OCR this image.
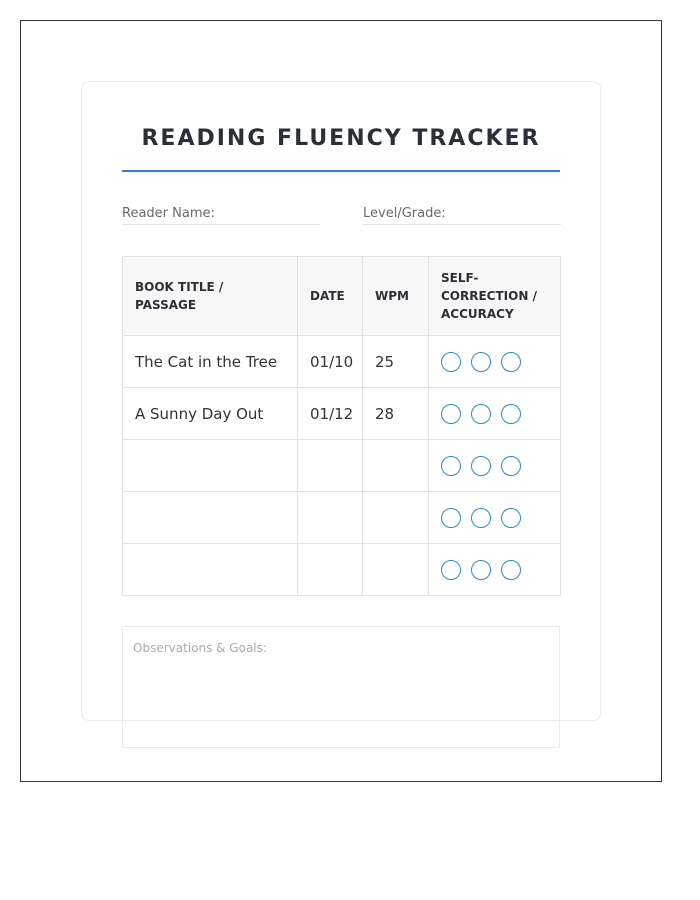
READING FLUENCY TRACKER
Reader Name:	Level/Grade:
BOOK TITLE / PASSAGE	DATE	WPM	SELF-CORRECTION / ACCURACY
The Cat in the Tree	01/10	25	

A Sunny Day Out	01/12	28	

Observations & Goals:
